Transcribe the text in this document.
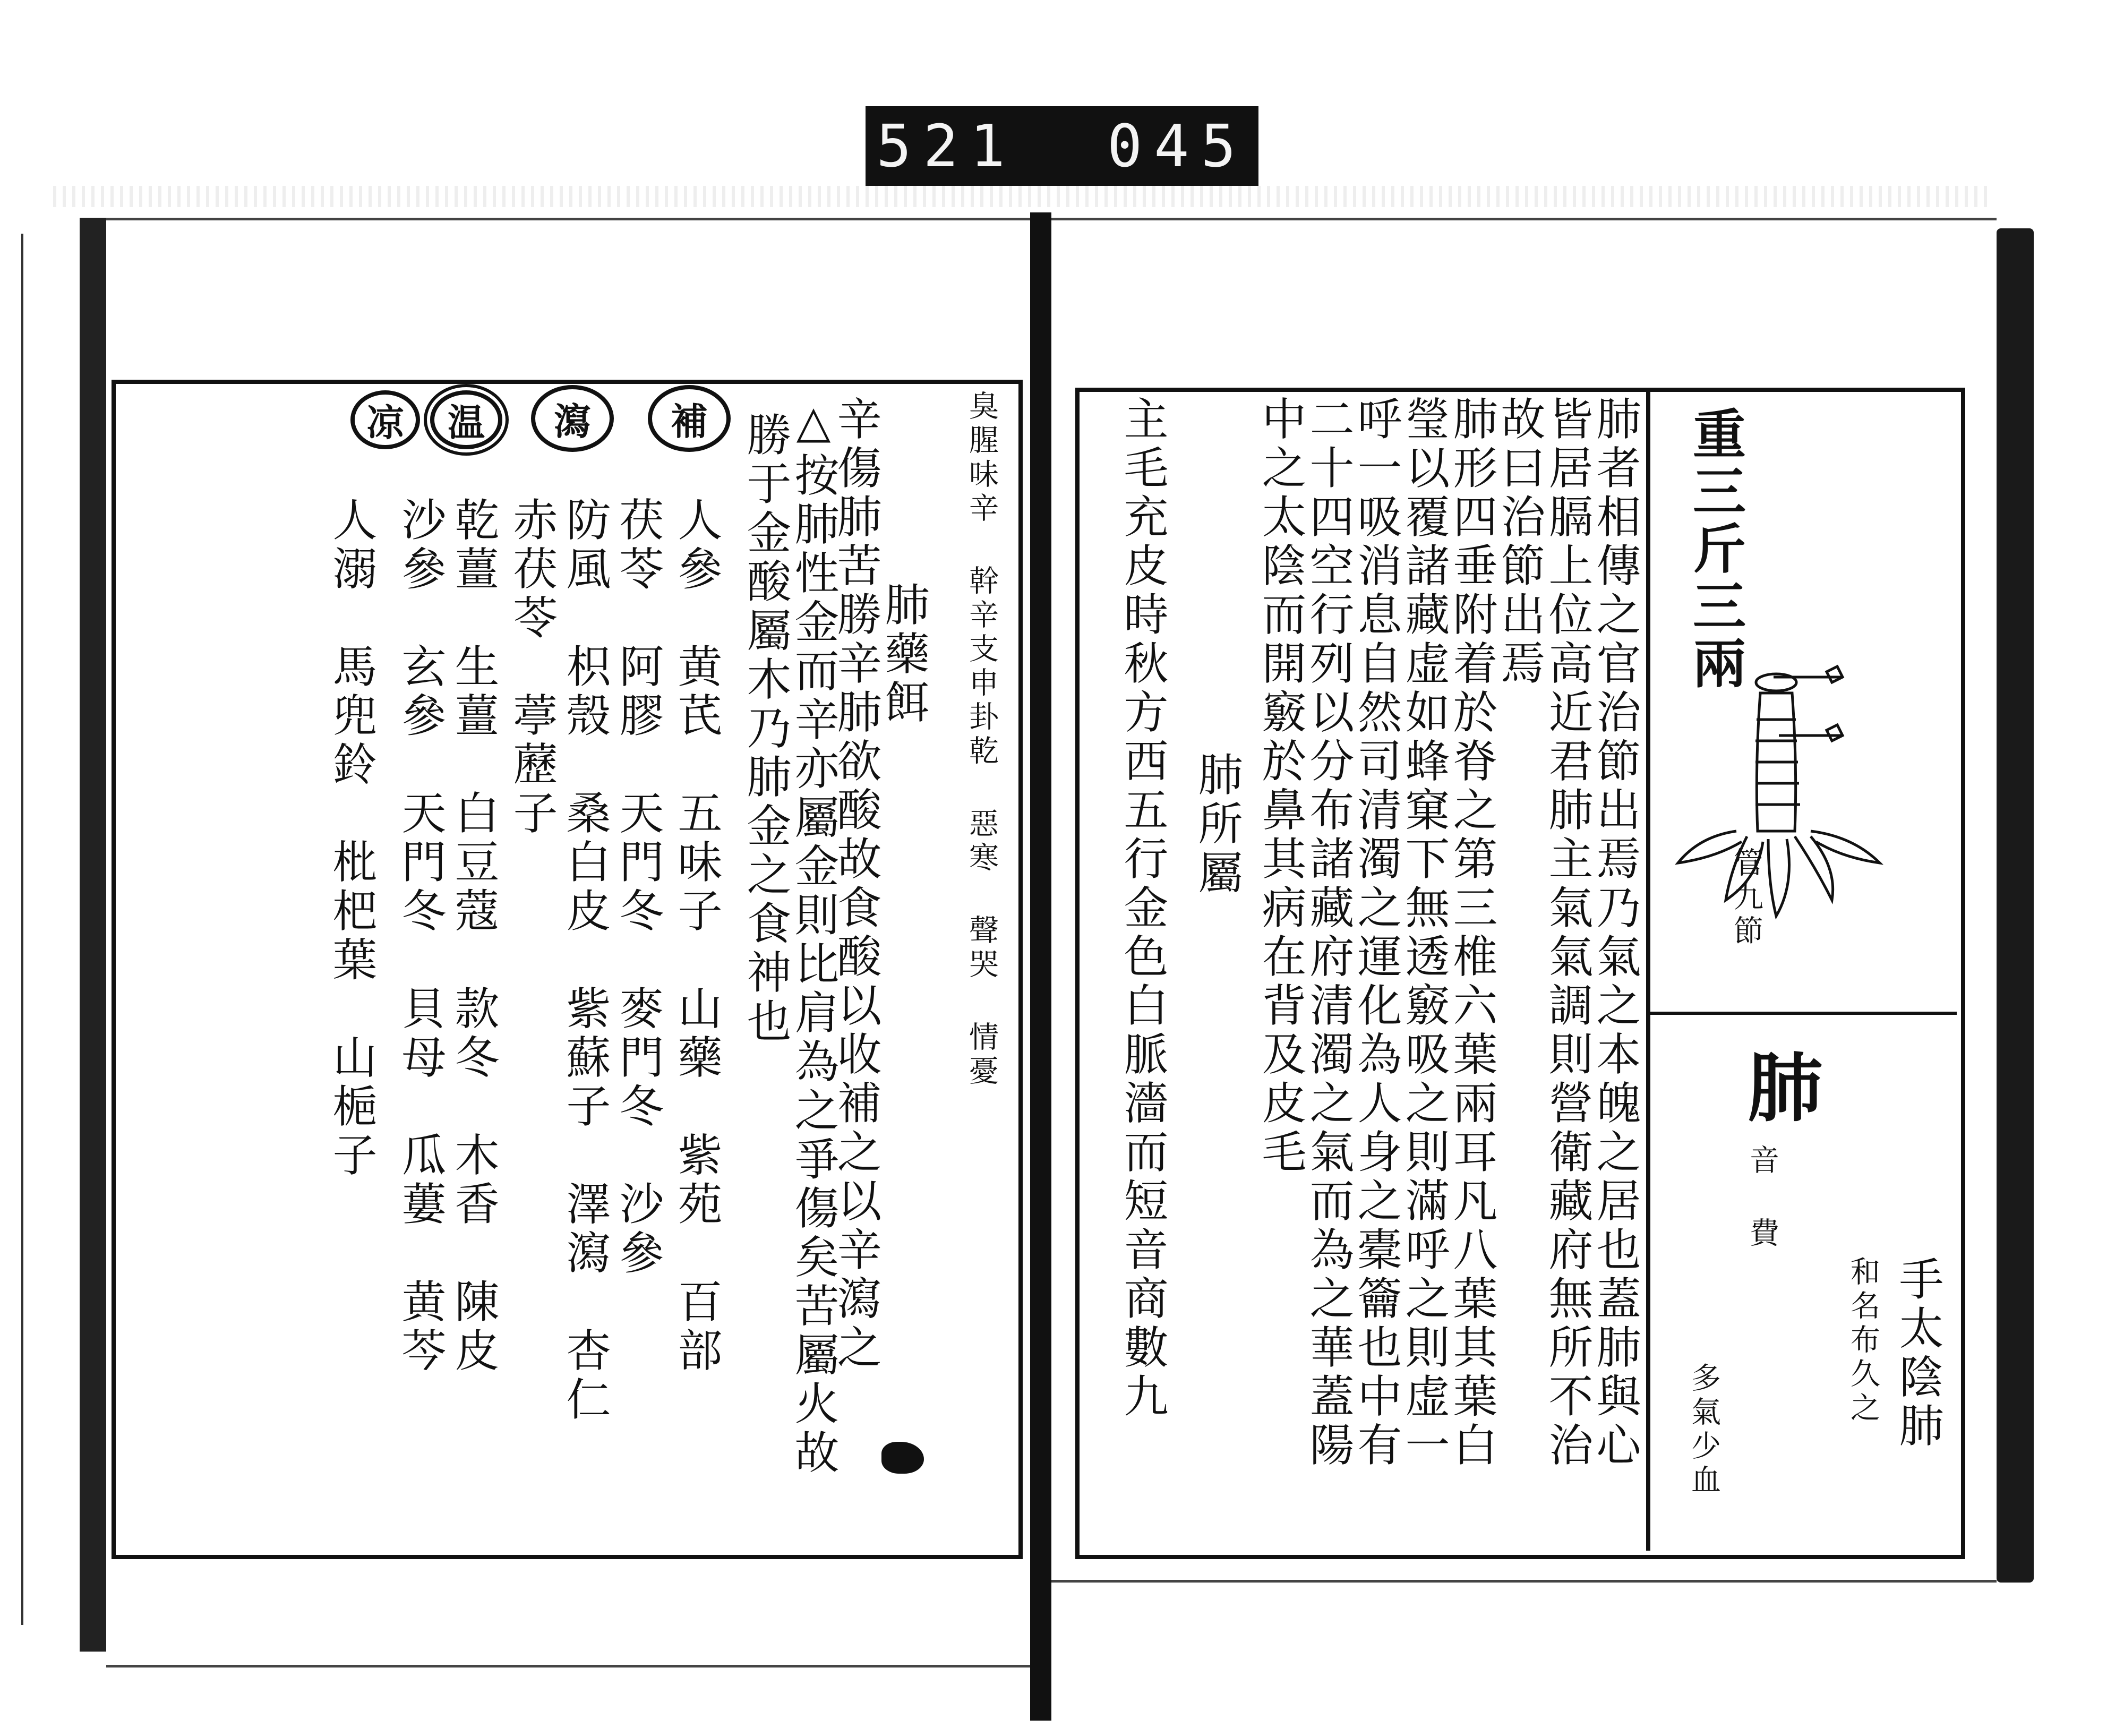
521 045
補
瀉
温
凉	臭腥味辛 幹辛支申卦乾 惡寒 聲哭 情憂
肺藥餌
辛傷肺苦勝辛肺欲酸故食酸以收補之以辛瀉之
△按肺性金而辛亦屬金則比肩為之爭傷矣苦屬火故
勝于金酸屬木乃肺金之食神也
人參　黄芪　五味子　山藥　紫苑　百部
茯苓　阿膠　天門冬　麥門冬　沙參
防風　枳殼　桑白皮　紫蘇子　澤瀉　杏仁
赤茯苓　葶藶子
乾薑　生薑　白豆蔻　款冬　木香　陳皮
沙參　玄參　天門冬　貝母　瓜蔞　黄芩
人溺　馬兜鈴　枇杷葉　山梔子	重三斤三兩
管九節
肺
音 費
手太陰肺
和名布久之
多氣少血
肺者相傳之官治節出焉乃氣之本魄之居也蓋肺與心
皆居膈上位高近君肺主氣氣調則營衛藏府無所不治
故曰治節出焉
肺形四垂附着於脊之第三椎六葉兩耳凡八葉其葉白
瑩以覆諸藏虚如蜂窠下無透竅吸之則滿呼之則虚一
呼一吸消息自然司清濁之運化為人身之橐籥也中有
二十四空行列以分布諸藏府清濁之氣而為之華蓋陽
中之太陰而開竅於鼻其病在背及皮毛
肺所屬
主毛充皮時秋方西五行金色白脈濇而短音商數九
